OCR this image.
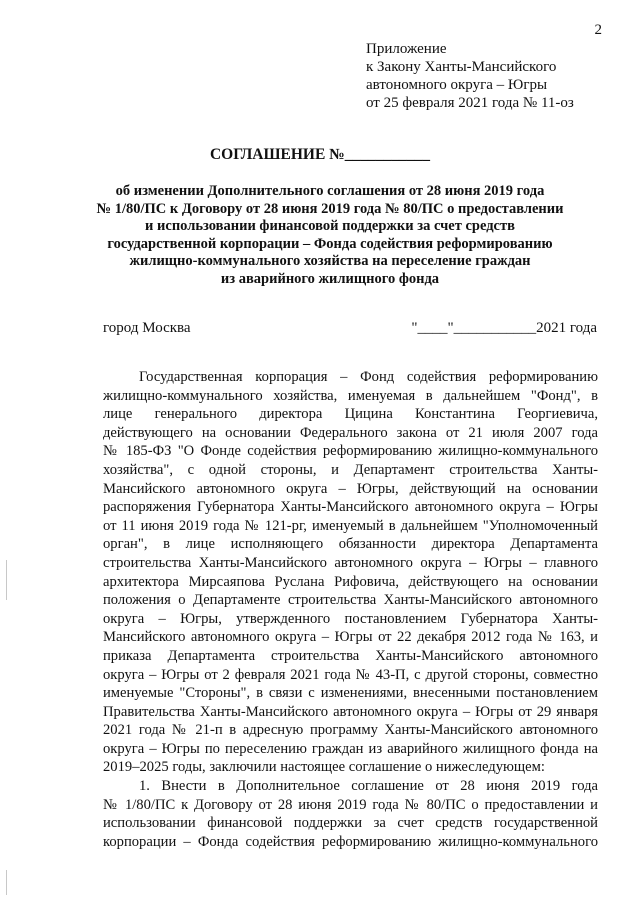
2
Приложение
к Закону Ханты-Мансийского
автономного округа – Югры
от 25 февраля 2021 года № 11-оз
СОГЛАШЕНИЕ №___________
об изменении Дополнительного соглашения от 28 июня 2019 года
№ 1/80/ПС к Договору от 28 июня 2019 года № 80/ПС о предоставлении
и использовании финансовой поддержки за счет средств
государственной корпорации – Фонда содействия реформированию
жилищно-коммунального хозяйства на переселение граждан
из аварийного жилищного фонда
город Москва	"____"___________2021 года
Государственная корпорация – Фонд содействия реформированию
жилищно-коммунального хозяйства, именуемая в дальнейшем "Фонд", в
лице генерального директора Цицина Константина Георгиевича,
действующего на основании Федерального закона от 21 июля 2007 года
№ 185-ФЗ "О Фонде содействия реформированию жилищно-коммунального
хозяйства", с одной стороны, и Департамент строительства Ханты-
Мансийского автономного округа – Югры, действующий на основании
распоряжения Губернатора Ханты-Мансийского автономного округа – Югры
от 11 июня 2019 года № 121-рг, именуемый в дальнейшем "Уполномоченный
орган", в лице исполняющего обязанности директора Департамента
строительства Ханты-Мансийского автономного округа – Югры – главного
архитектора Мирсаяпова Руслана Рифовича, действующего на основании
положения о Департаменте строительства Ханты-Мансийского автономного
округа – Югры, утвержденного постановлением Губернатора Ханты-
Мансийского автономного округа – Югры от 22 декабря 2012 года № 163, и
приказа Департамента строительства Ханты-Мансийского автономного
округа – Югры от 2 февраля 2021 года № 43-П, с другой стороны, совместно
именуемые "Стороны", в связи с изменениями, внесенными постановлением
Правительства Ханты-Мансийского автономного округа – Югры от 29 января
2021 года № 21-п в адресную программу Ханты-Мансийского автономного
округа – Югры по переселению граждан из аварийного жилищного фонда на
2019–2025 годы, заключили настоящее соглашение о нижеследующем:
1. Внести в Дополнительное соглашение от 28 июня 2019 года
№ 1/80/ПС к Договору от 28 июня 2019 года № 80/ПС о предоставлении и
использовании финансовой поддержки за счет средств государственной
корпорации – Фонда содействия реформированию жилищно-коммунального
